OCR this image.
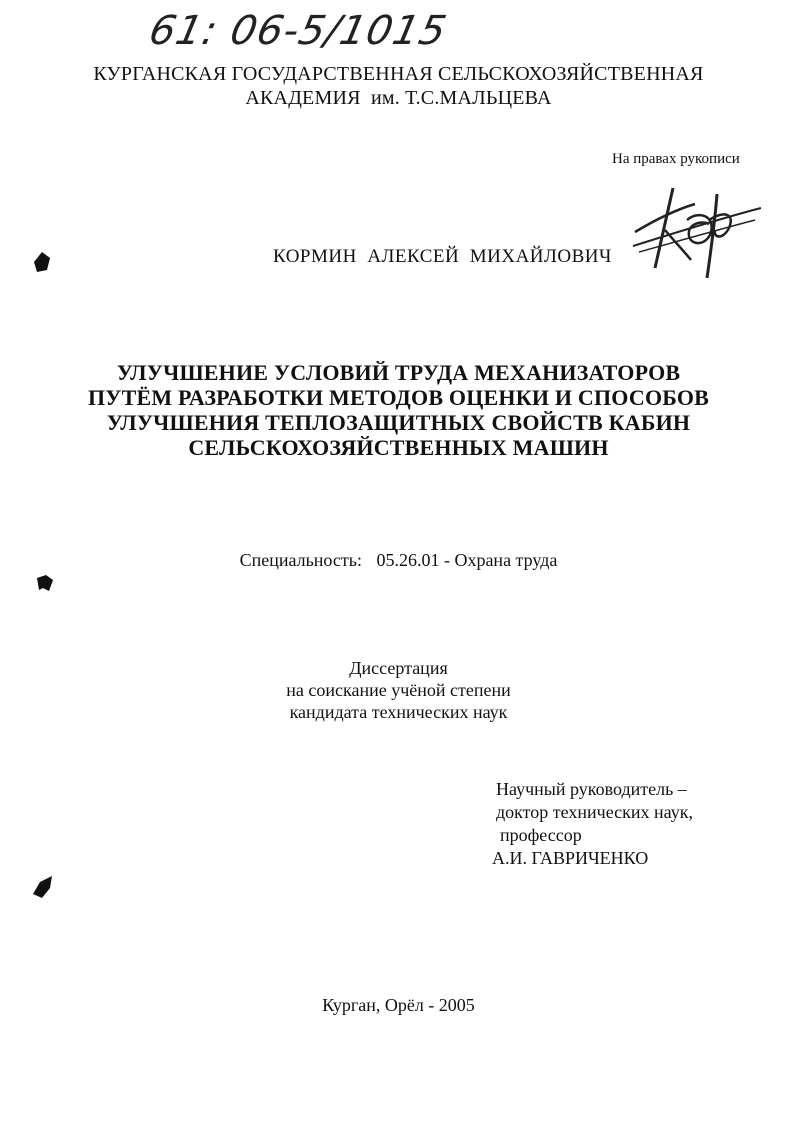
61: 06-5/1015
КУРГАНСКАЯ ГОСУДАРСТВЕННАЯ СЕЛЬСКОХОЗЯЙСТВЕННАЯ
АКАДЕМИЯ  им. Т.С.МАЛЬЦЕВА
На правах рукописи
КОРМИН  АЛЕКСЕЙ  МИХАЙЛОВИЧ
УЛУЧШЕНИЕ УСЛОВИЙ ТРУДА МЕХАНИЗАТОРОВ
ПУТЁМ РАЗРАБОТКИ МЕТОДОВ ОЦЕНКИ И СПОСОБОВ
УЛУЧШЕНИЯ ТЕПЛОЗАЩИТНЫХ СВОЙСТВ КАБИН
СЕЛЬСКОХОЗЯЙСТВЕННЫХ МАШИН
Специальность: 05.26.01 - Охрана труда
Диссертация
на соискание учёной степени
кандидата технических наук
Научный руководитель –
доктор технических наук,
профессор
А.И. ГАВРИЧЕНКО
Курган, Орёл - 2005
